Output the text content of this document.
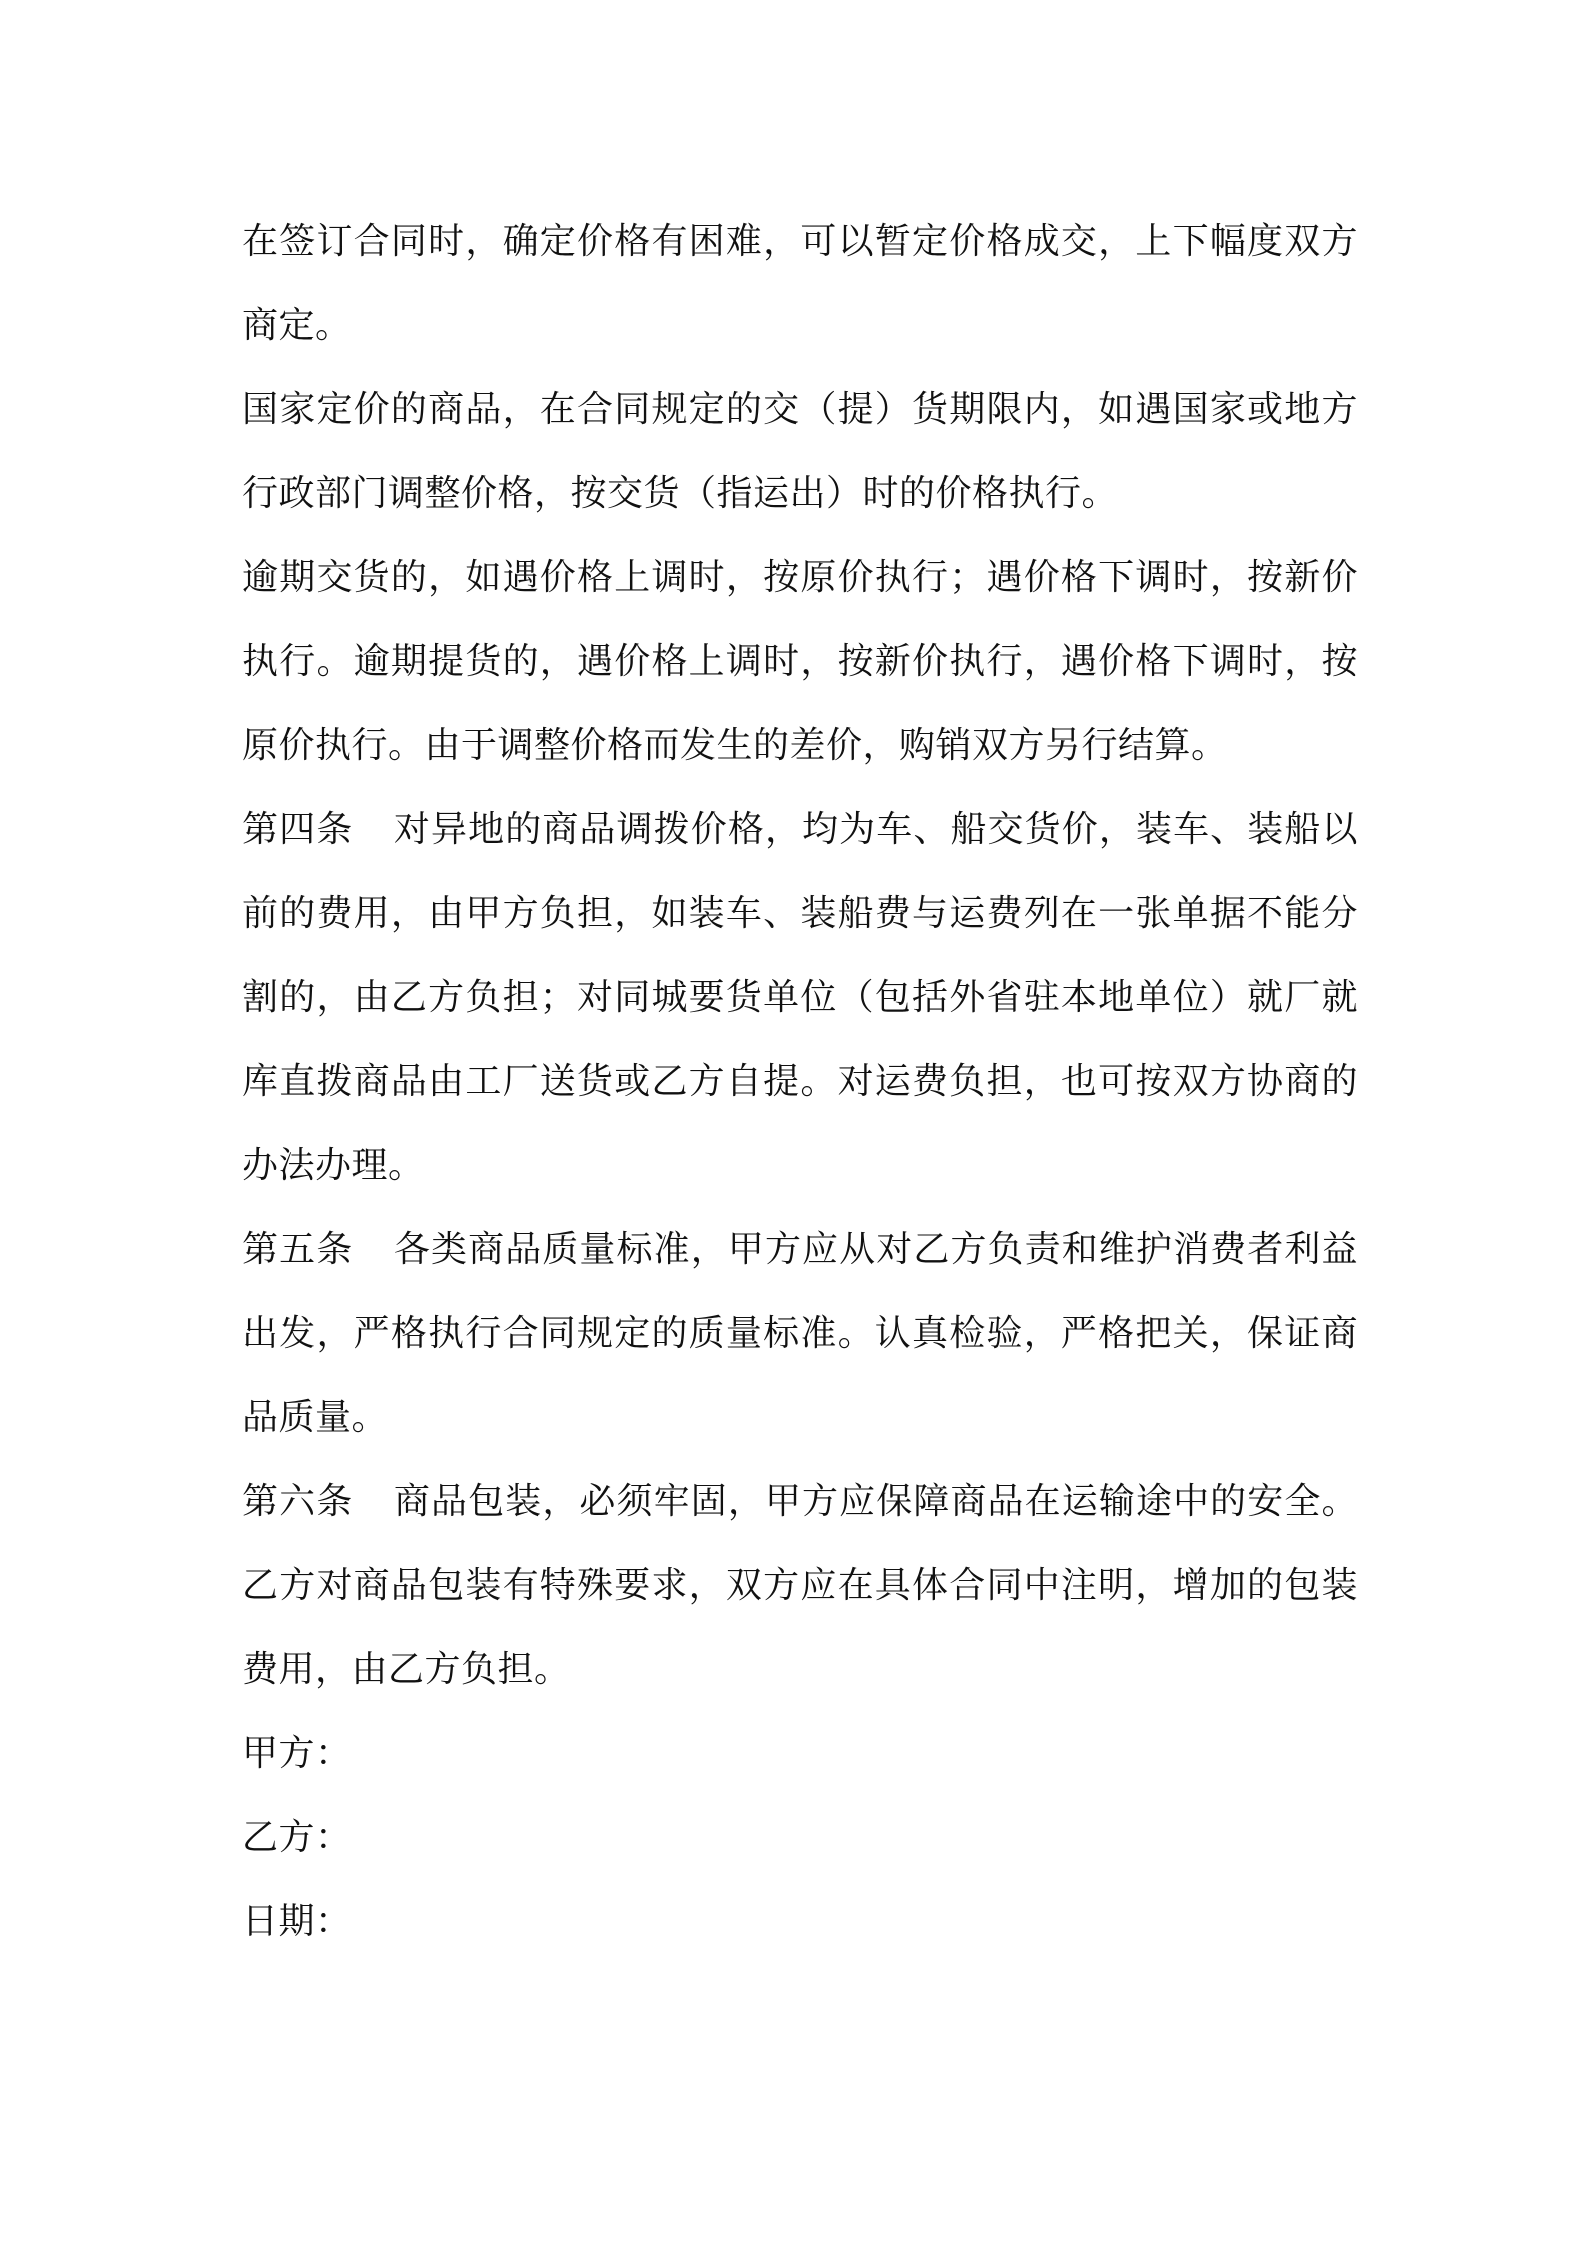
在签订合同时，确定价格有困难，可以暂定价格成交，上下幅度双方商定。

国家定价的商品，在合同规定的交（提）货期限内，如遇国家或地方行政部门调整价格，按交货（指运出）时的价格执行。

逾期交货的，如遇价格上调时，按原价执行；遇价格下调时，按新价执行。逾期提货的，遇价格上调时，按新价执行，遇价格下调时，按原价执行。由于调整价格而发生的差价，购销双方另行结算。

第四条 对异地的商品调拨价格，均为车、船交货价，装车、装船以前的费用，由甲方负担，如装车、装船费与运费列在一张单据不能分割的，由乙方负担；对同城要货单位（包括外省驻本地单位）就厂就库直拨商品由工厂送货或乙方自提。对运费负担，也可按双方协商的办法办理。

第五条 各类商品质量标准，甲方应从对乙方负责和维护消费者利益出发，严格执行合同规定的质量标准。认真检验，严格把关，保证商品质量。

第六条 商品包装，必须牢固，甲方应保障商品在运输途中的安全。乙方对商品包装有特殊要求，双方应在具体合同中注明，增加的包装费用，由乙方负担。

甲方：

乙方：

日期：
